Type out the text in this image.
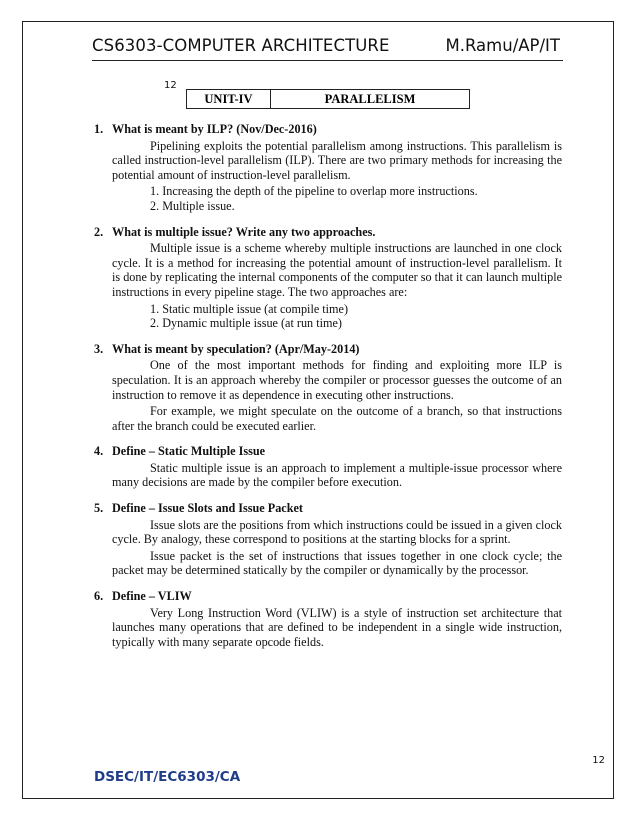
CS6303-COMPUTER ARCHITECTURE	M.Ramu/AP/IT
12
UNIT-IV	PARALLELISM
1. What is meant by ILP? (Nov/Dec-2016)
Pipelining exploits the potential parallelism among instructions. This parallelism is called instruction-level parallelism (ILP). There are two primary methods for increasing the potential amount of instruction-level parallelism.
1. Increasing the depth of the pipeline to overlap more instructions.
2. Multiple issue.
2. What is multiple issue? Write any two approaches.
Multiple issue is a scheme whereby multiple instructions are launched in one clock cycle. It is a method for increasing the potential amount of instruction-level parallelism. It is done by replicating the internal components of the computer so that it can launch multiple instructions in every pipeline stage. The two approaches are:
1. Static multiple issue (at compile time)
2. Dynamic multiple issue (at run time)
3. What is meant by speculation? (Apr/May-2014)
One of the most important methods for finding and exploiting more ILP is speculation. It is an approach whereby the compiler or processor guesses the outcome of an instruction to remove it as dependence in executing other instructions.
For example, we might speculate on the outcome of a branch, so that instructions after the branch could be executed earlier.
4. Define – Static Multiple Issue
Static multiple issue is an approach to implement a multiple-issue processor where many decisions are made by the compiler before execution.
5. Define – Issue Slots and Issue Packet
Issue slots are the positions from which instructions could be issued in a given clock cycle. By analogy, these correspond to positions at the starting blocks for a sprint.
Issue packet is the set of instructions that issues together in one clock cycle; the packet may be determined statically by the compiler or dynamically by the processor.
6. Define – VLIW
Very Long Instruction Word (VLIW) is a style of instruction set architecture that launches many operations that are defined to be independent in a single wide instruction, typically with many separate opcode fields.
12
DSEC/IT/EC6303/CA
